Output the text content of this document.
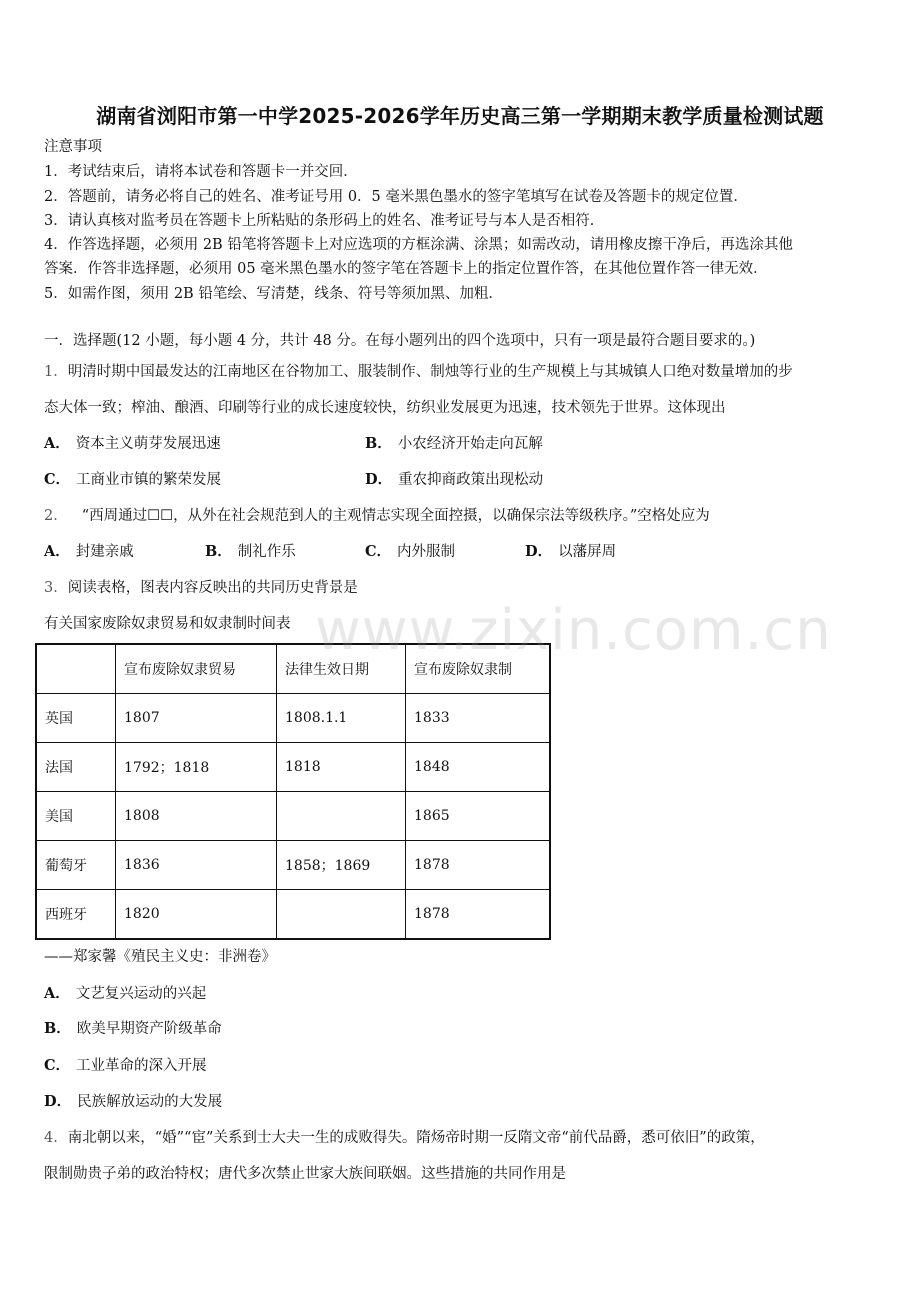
湖南省浏阳市第一中学2025-2026学年历史高三第一学期期末教学质量检测试题
注意事项
1．考试结束后，请将本试卷和答题卡一并交回．
2．答题前，请务必将自己的姓名、准考证号用 0．5 毫米黑色墨水的签字笔填写在试卷及答题卡的规定位置．
3．请认真核对监考员在答题卡上所粘贴的条形码上的姓名、准考证号与本人是否相符．
4．作答选择题，必须用 2B 铅笔将答题卡上对应选项的方框涂满、涂黑；如需改动，请用橡皮擦干净后，再选涂其他
答案．作答非选择题，必须用 05 毫米黑色墨水的签字笔在答题卡上的指定位置作答，在其他位置作答一律无效．
5．如需作图，须用 2B 铅笔绘、写清楚，线条、符号等须加黑、加粗．
一．选择题(12 小题，每小题 4 分，共计 48 分。在每小题列出的四个选项中，只有一项是最符合题目要求的。)
1．明清时期中国最发达的江南地区在谷物加工、服装制作、制烛等行业的生产规模上与其城镇人口绝对数量增加的步
态大体一致；榨油、酿酒、印刷等行业的成长速度较快，纺织业发展更为迅速，技术领先于世界。这体现出
A． 资本主义萌芽发展迅速	B． 小农经济开始走向瓦解
C． 工商业市镇的繁荣发展	D． 重农抑商政策出现松动
2． “西周通过☐☐，从外在社会规范到人的主观情志实现全面控摄，以确保宗法等级秩序。”空格处应为
A． 封建亲戚	B． 制礼作乐	C． 内外服制	D． 以藩屏周
3．阅读表格，图表内容反映出的共同历史背景是
有关国家废除奴隶贸易和奴隶制时间表
	宣布废除奴隶贸易	法律生效日期	宣布废除奴隶制
英国	1807	1808.1.1	1833
法国	1792；1818	1818	1848
美国	1808		1865
葡萄牙	1836	1858；1869	1878
西班牙	1820		1878
www.zixin.com.cn
——郑家馨《殖民主义史：非洲卷》
A． 文艺复兴运动的兴起
B． 欧美早期资产阶级革命
C． 工业革命的深入开展
D． 民族解放运动的大发展
4．南北朝以来，“婚”“宦”关系到士大夫一生的成败得失。隋炀帝时期一反隋文帝“前代品爵，悉可依旧”的政策，
限制勋贵子弟的政治特权；唐代多次禁止世家大族间联姻。这些措施的共同作用是
